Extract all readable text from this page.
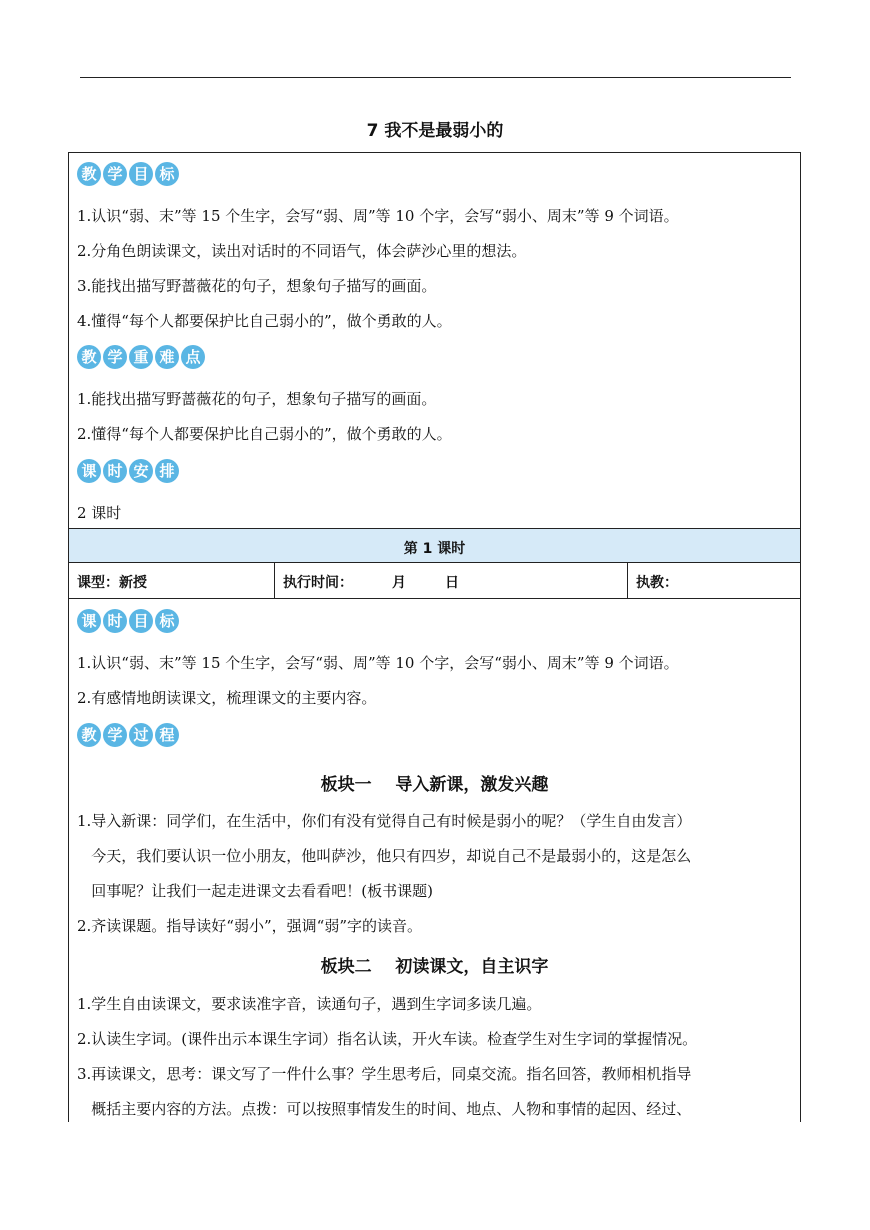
7 我不是最弱小的
教 学 目 标
1.认识“弱、末”等 15 个生字，会写“弱、周”等 10 个字，会写“弱小、周末”等 9 个词语。
2.分角色朗读课文，读出对话时的不同语气，体会萨沙心里的想法。
3.能找出描写野蔷薇花的句子，想象句子描写的画面。
4.懂得“每个人都要保护比自己弱小的”，做个勇敢的人。
教 学 重 难 点
1.能找出描写野蔷薇花的句子，想象句子描写的画面。
2.懂得“每个人都要保护比自己弱小的”，做个勇敢的人。
课 时 安 排
2 课时
第 1 课时
课型：新授	执行时间：        月        日	执教：
课 时 目 标
1.认识“弱、末”等 15 个生字，会写“弱、周”等 10 个字，会写“弱小、周末”等 9 个词语。
2.有感情地朗读课文，梳理课文的主要内容。
教 学 过 程
板块一    导入新课，激发兴趣
1.导入新课：同学们，在生活中，你们有没有觉得自己有时候是弱小的呢？（学生自由发言）
今天，我们要认识一位小朋友，他叫萨沙，他只有四岁，却说自己不是最弱小的，这是怎么
回事呢？让我们一起走进课文去看看吧！(板书课题)
2.齐读课题。指导读好“弱小”，强调“弱”字的读音。
板块二    初读课文，自主识字
1.学生自由读课文，要求读准字音，读通句子，遇到生字词多读几遍。
2.认读生字词。(课件出示本课生字词）指名认读，开火车读。检查学生对生字词的掌握情况。
3.再读课文，思考：课文写了一件什么事？学生思考后，同桌交流。指名回答，教师相机指导
概括主要内容的方法。点拨：可以按照事情发生的时间、地点、人物和事情的起因、经过、
